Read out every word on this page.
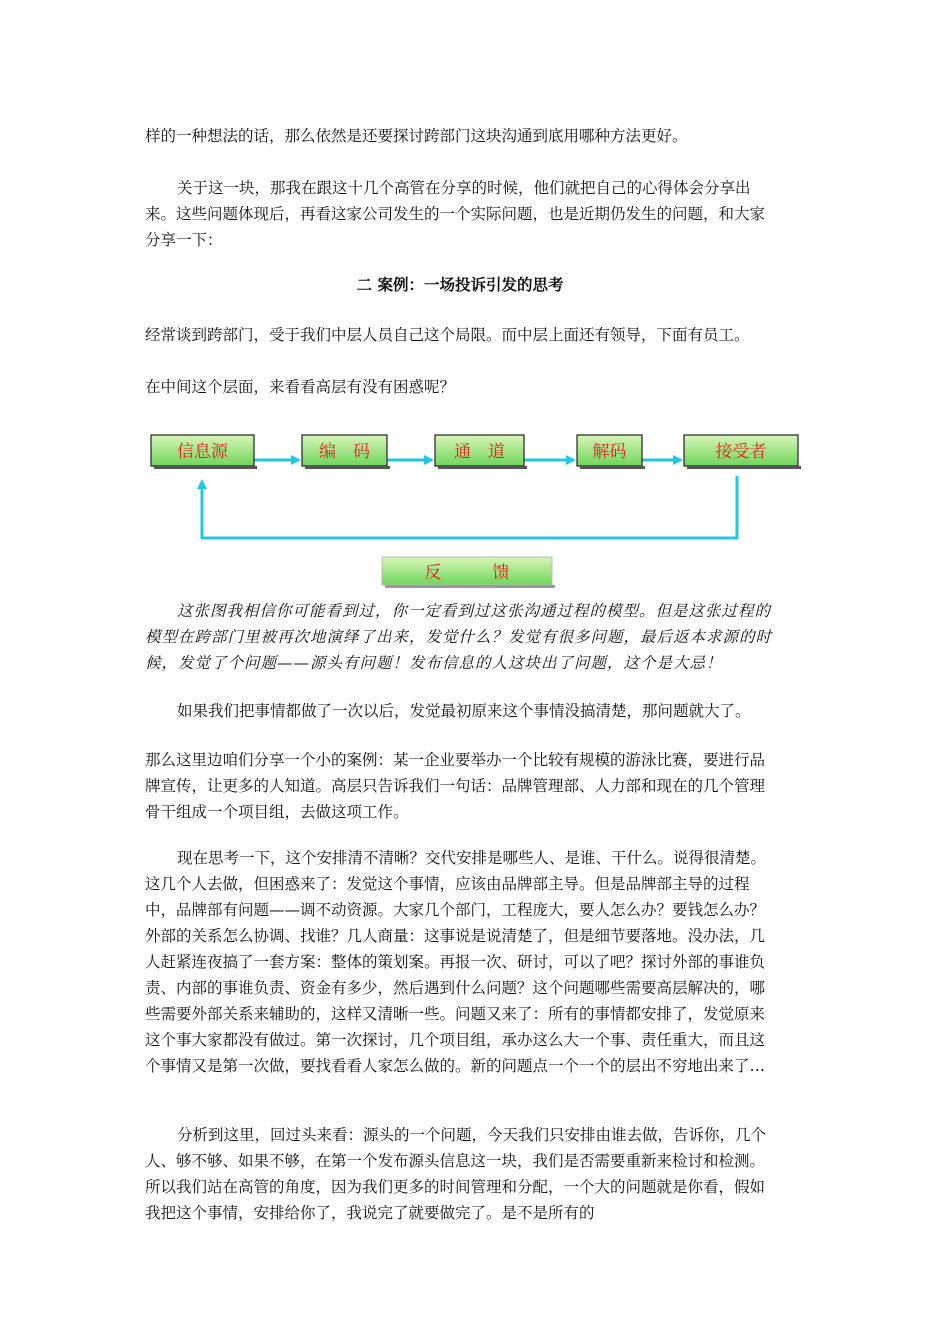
样的一种想法的话，那么依然是还要探讨跨部门这块沟通到底用哪种方法更好。

关于这一块，那我在跟这十几个高管在分享的时候，他们就把自己的心得体会分享出来。这些问题体现后，再看这家公司发生的一个实际问题，也是近期仍发生的问题，和大家分享一下：

二 案例：一场投诉引发的思考

经常谈到跨部门，受于我们中层人员自己这个局限。而中层上面还有领导，下面有员工。

在中间这个层面，来看看高层有没有困惑呢？

信息源	编　码	通　道	解码	接受者
反　　　馈

这张图我相信你可能看到过，你一定看到过这张沟通过程的模型。但是这张过程的模型在跨部门里被再次地演绎了出来，发觉什么？发觉有很多问题，最后返本求源的时候，发觉了个问题——源头有问题！发布信息的人这块出了问题，这个是大忌！

如果我们把事情都做了一次以后，发觉最初原来这个事情没搞清楚，那问题就大了。

那么这里边咱们分享一个小的案例：某一企业要举办一个比较有规模的游泳比赛，要进行品牌宣传，让更多的人知道。高层只告诉我们一句话：品牌管理部、人力部和现在的几个管理骨干组成一个项目组，去做这项工作。

现在思考一下，这个安排清不清晰？交代安排是哪些人、是谁、干什么。说得很清楚。这几个人去做，但困惑来了：发觉这个事情，应该由品牌部主导。但是品牌部主导的过程中，品牌部有问题——调不动资源。大家几个部门，工程庞大，要人怎么办？要钱怎么办？外部的关系怎么协调、找谁？几人商量：这事说是说清楚了，但是细节要落地。没办法，几人赶紧连夜搞了一套方案：整体的策划案。再报一次、研讨，可以了吧？探讨外部的事谁负责、内部的事谁负责、资金有多少，然后遇到什么问题？这个问题哪些需要高层解决的，哪些需要外部关系来辅助的，这样又清晰一些。问题又来了：所有的事情都安排了，发觉原来这个事大家都没有做过。第一次探讨，几个项目组，承办这么大一个事、责任重大，而且这个事情又是第一次做，要找看看人家怎么做的。新的问题点一个一个的层出不穷地出来了…

分析到这里，回过头来看：源头的一个问题，今天我们只安排由谁去做，告诉你，几个人、够不够、如果不够，在第一个发布源头信息这一块，我们是否需要重新来检讨和检测。所以我们站在高管的角度，因为我们更多的时间管理和分配，一个大的问题就是你看，假如我把这个事情，安排给你了，我说完了就要做完了。是不是所有的
